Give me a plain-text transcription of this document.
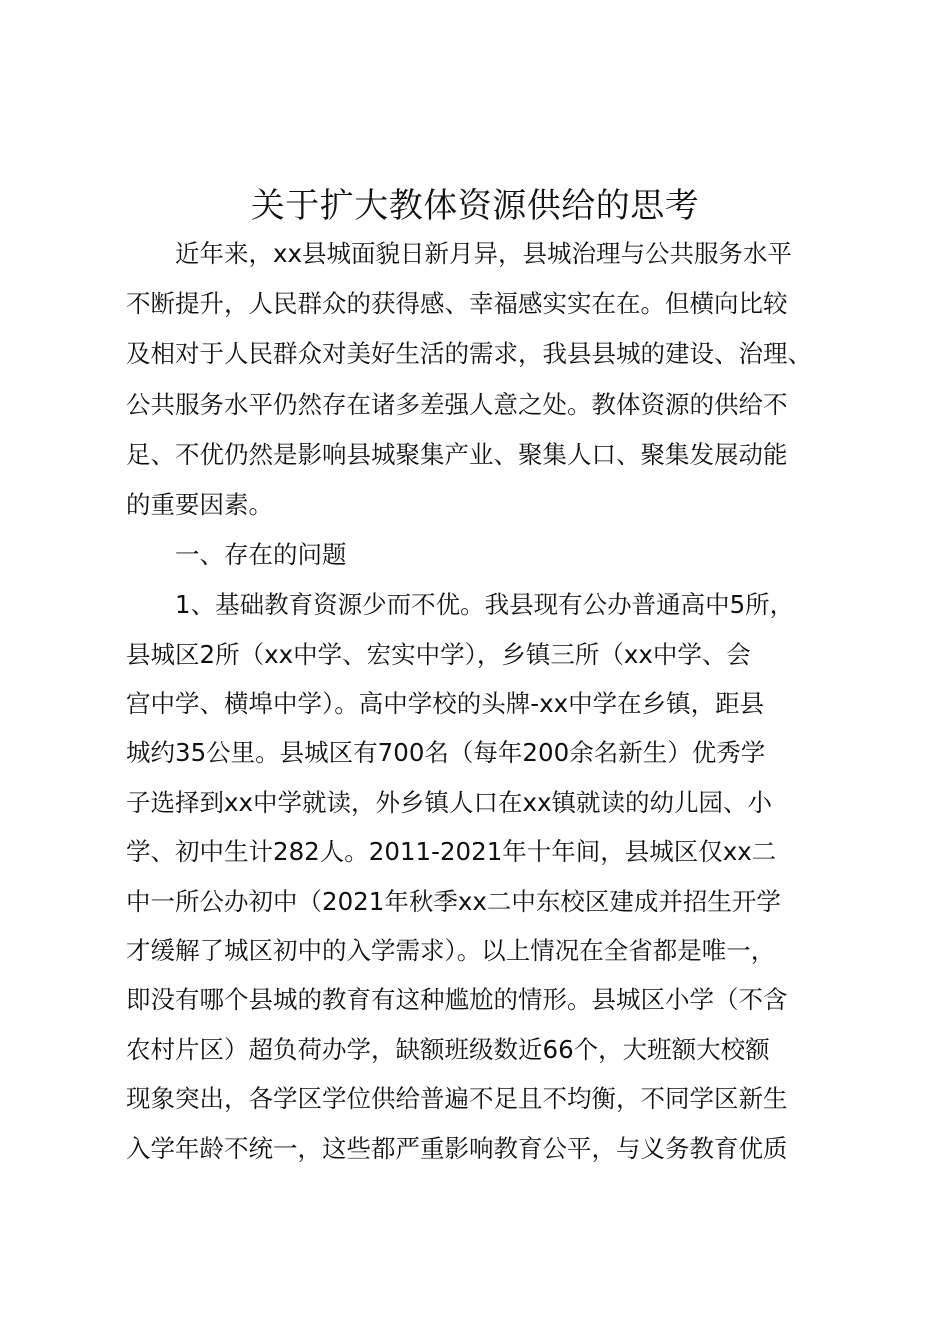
关于扩大教体资源供给的思考
　　近年来，xx县城面貌日新月异，县城治理与公共服务水平
不断提升，人民群众的获得感、幸福感实实在在。但横向比较
及相对于人民群众对美好生活的需求，我县县城的建设、治理、
公共服务水平仍然存在诸多差强人意之处。教体资源的供给不
足、不优仍然是影响县城聚集产业、聚集人口、聚集发展动能
的重要因素。
　　一、存在的问题
　　1、基础教育资源少而不优。我县现有公办普通高中5所，
县城区2所（xx中学、宏实中学），乡镇三所（xx中学、会
宫中学、横埠中学）。高中学校的头牌-xx中学在乡镇，距县
城约35公里。县城区有700名（每年200余名新生）优秀学
子选择到xx中学就读，外乡镇人口在xx镇就读的幼儿园、小
学、初中生计282人。2011-2021年十年间，县城区仅xx二
中一所公办初中（2021年秋季xx二中东校区建成并招生开学
才缓解了城区初中的入学需求）。以上情况在全省都是唯一，
即没有哪个县城的教育有这种尴尬的情形。县城区小学（不含
农村片区）超负荷办学，缺额班级数近66个，大班额大校额
现象突出，各学区学位供给普遍不足且不均衡，不同学区新生
入学年龄不统一，这些都严重影响教育公平，与义务教育优质
